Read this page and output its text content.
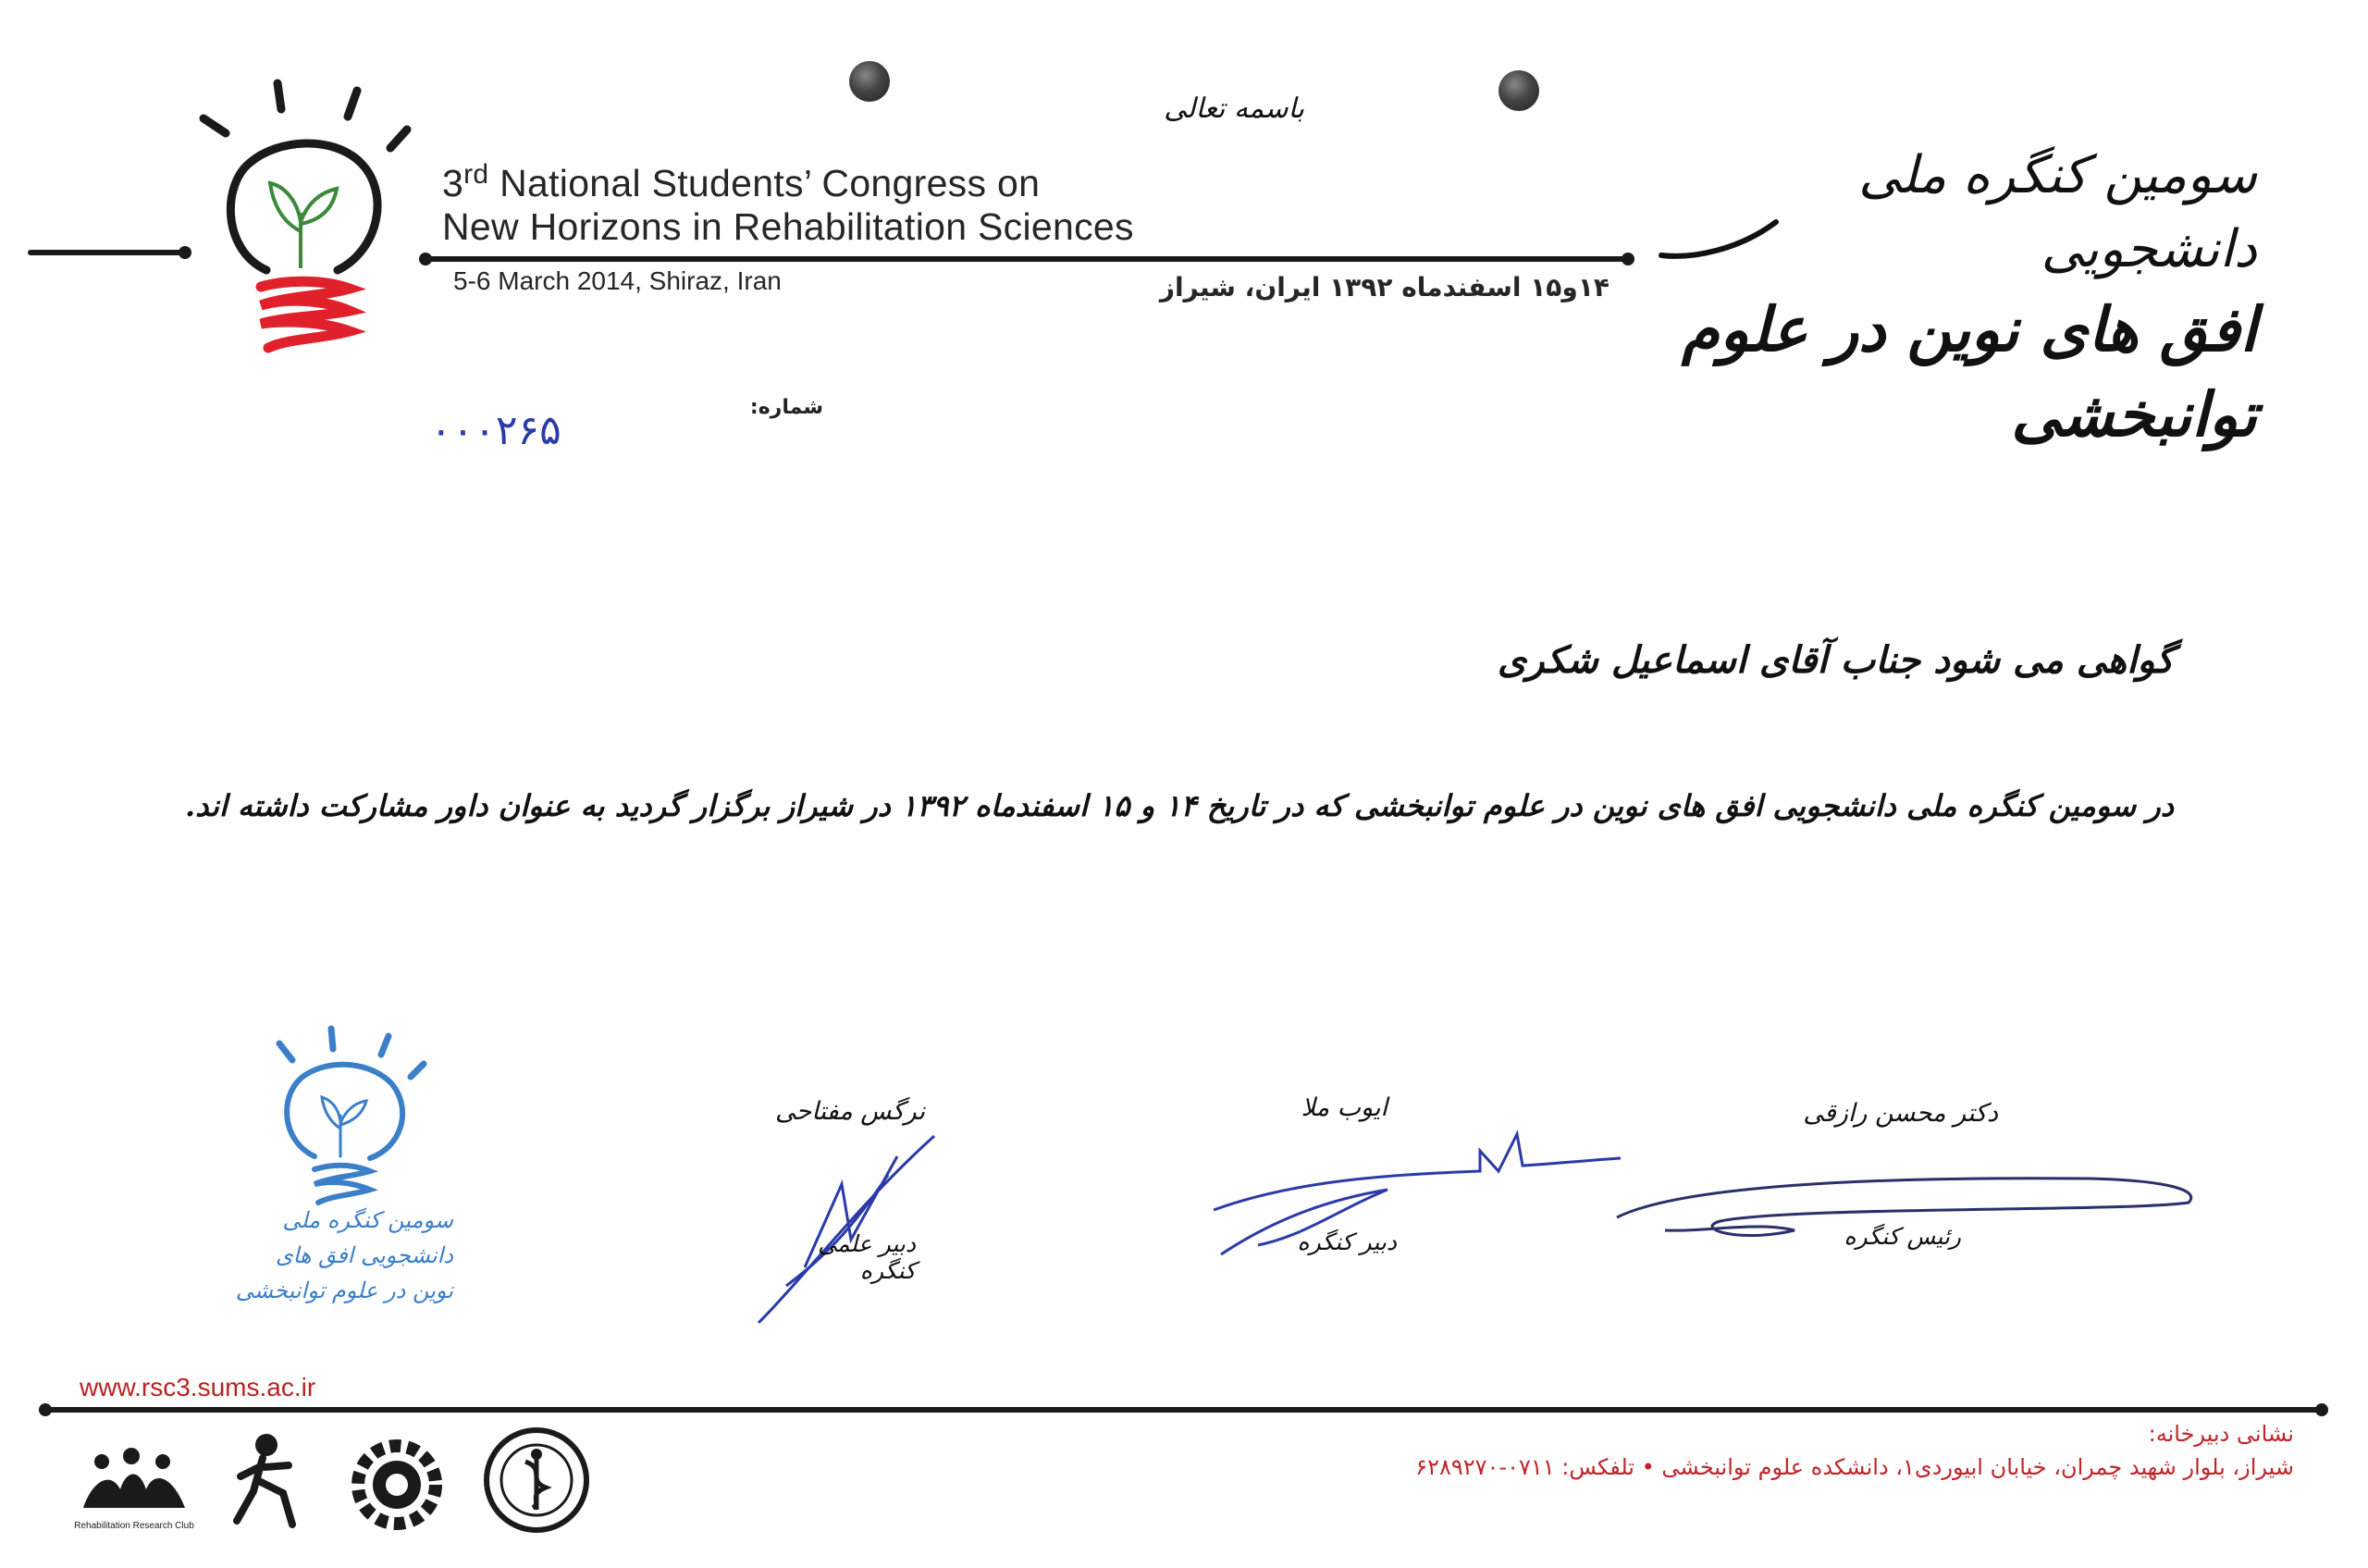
3rd National Students’ Congress on
New Horizons in Rehabilitation Sciences
5-6 March 2014, Shiraz, Iran	۱۴و۱۵ اسفندماه ۱۳۹۲ ایران، شیراز
باسمه تعالی
سومین کنگره ملی دانشجویی
افق های نوین در علوم توانبخشی
شماره:
۰۰۰۲۶۵
گواهی می شود جناب آقای اسماعیل شکری
در سومین کنگره ملی دانشجویی افق های نوین در علوم توانبخشی که در تاریخ ۱۴ و ۱۵ اسفندماه ۱۳۹۲ در شیراز برگزار گردید به عنوان داور مشارکت داشته اند.
سومین کنگره ملی دانشجویی افق های نوین در علوم توانبخشی
دکتر محسن رازقی
رئیس کنگره
ایوب ملا
دبیر کنگره
نرگس مفتاحی
دبیر علمی کنگره
www.rsc3.sums.ac.ir
نشانی دبیرخانه:
شیراز، بلوار شهید چمران، خیابان ابیوردی۱، دانشکده علوم توانبخشی • تلفکس: ۰۷۱۱-۶۲۸۹۲۷۰
Rehabilitation Research Club
